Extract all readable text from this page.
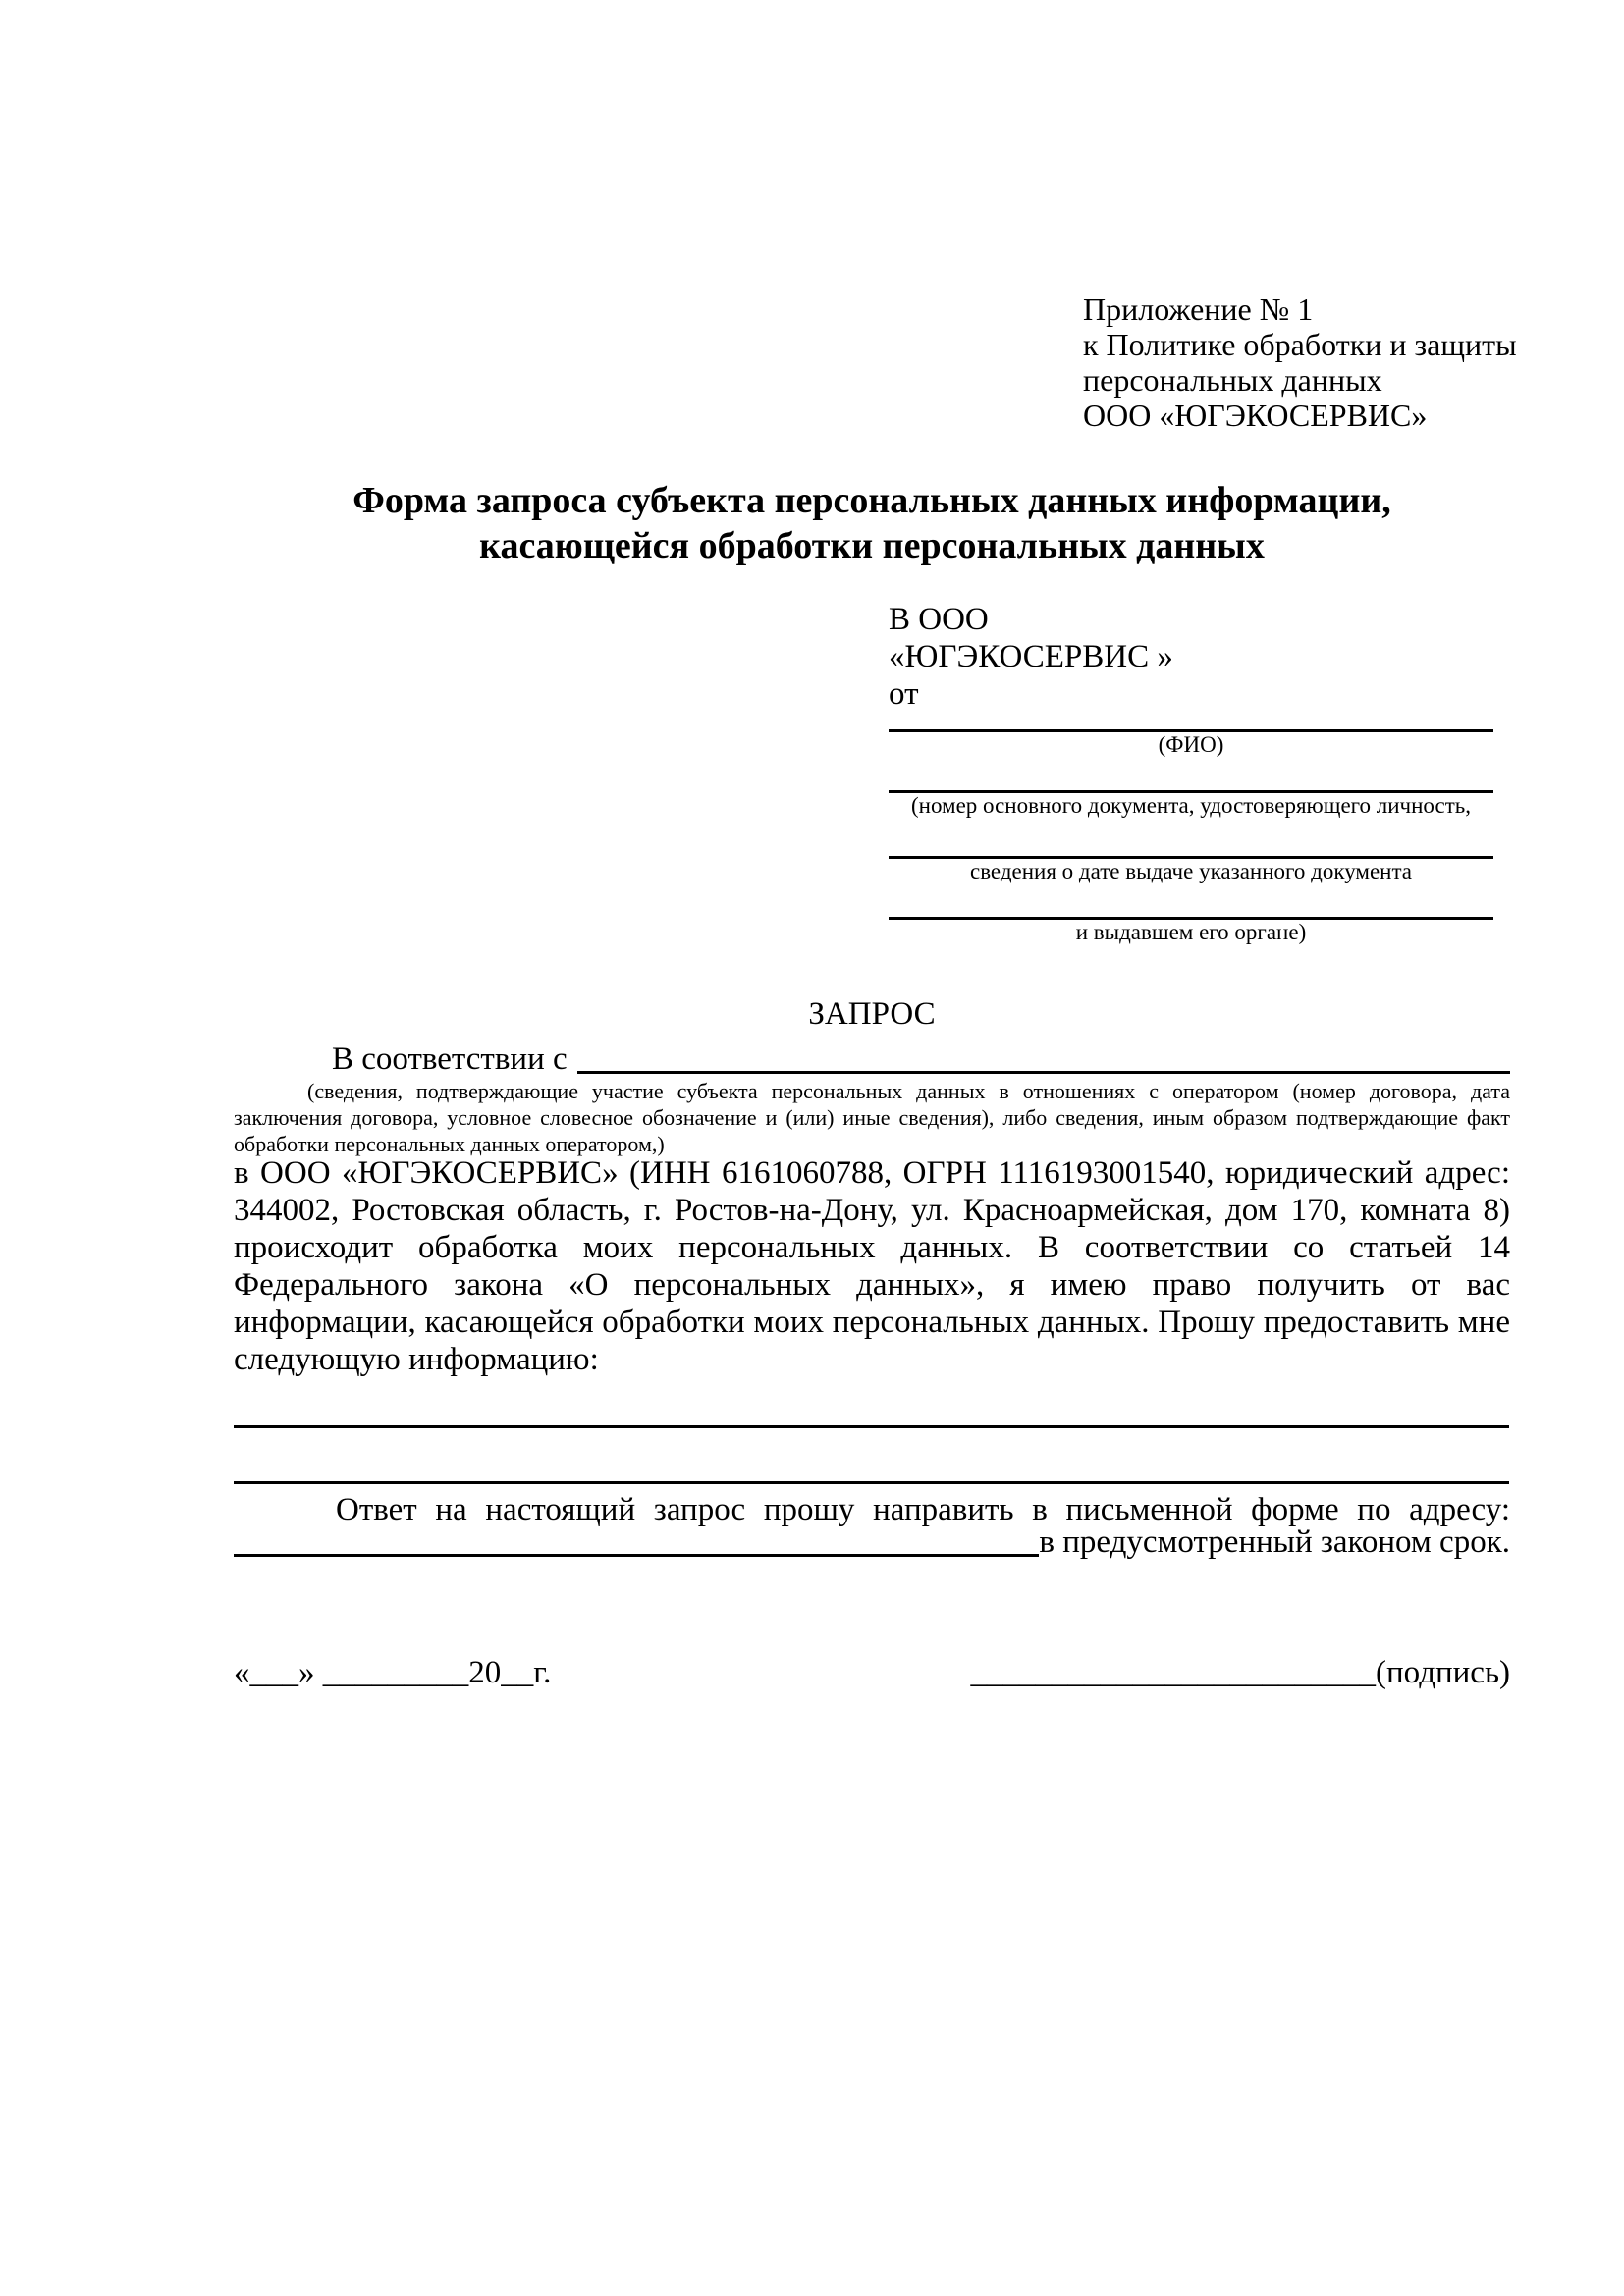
Приложение № 1
к Политике обработки и защиты
персональных данных
ООО «ЮГЭКОСЕРВИС»
Форма запроса субъекта персональных данных информации,
касающейся обработки персональных данных
В ООО
«ЮГЭКОСЕРВИС »
от
(ФИО)
(номер основного документа, удостоверяющего личность,
сведения о дате выдаче указанного документа
и выдавшем его органе)
ЗАПРОС
В соответствии с
(сведения, подтверждающие участие субъекта персональных данных в отношениях с оператором (номер договора, дата заключения договора, условное словесное обозначение и (или) иные сведения), либо сведения, иным образом подтверждающие факт обработки персональных данных оператором,)
в ООО «ЮГЭКОСЕРВИС» (ИНН 6161060788, ОГРН 1116193001540, юридический адрес: 344002, Ростовская область, г. Ростов-на-Дону, ул. Красноармейская, дом 170, комната 8) происходит обработка моих персональных данных. В соответствии со статьей 14 Федерального закона «О персональных данных», я имею право получить от вас информации, касающейся обработки моих персональных данных. Прошу предоставить мне следующую информацию:
Ответ на настоящий запрос прошу направить в письменной форме по адресу:
в предусмотренный законом срок.
«___» _________20__г.	_________________________(подпись)
